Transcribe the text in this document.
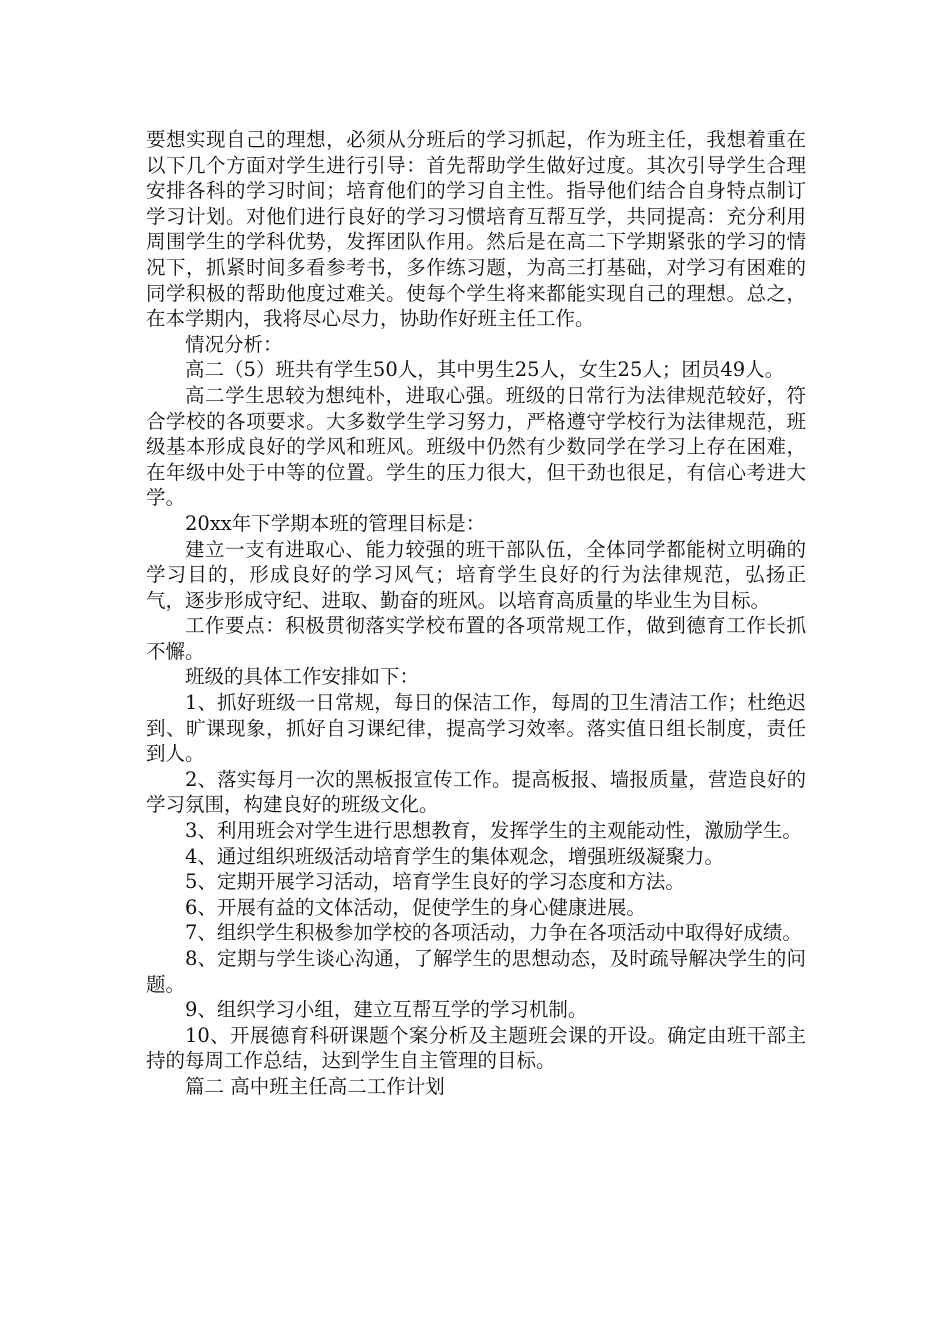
要想实现自己的理想，必须从分班后的学习抓起，作为班主任，我想着重在以下几个方面对学生进行引导：首先帮助学生做好过度。其次引导学生合理安排各科的学习时间；培育他们的学习自主性。指导他们结合自身特点制订学习计划。对他们进行良好的学习习惯培育互帮互学，共同提高：充分利用周围学生的学科优势，发挥团队作用。然后是在高二下学期紧张的学习的情况下，抓紧时间多看参考书，多作练习题，为高三打基础，对学习有困难的同学积极的帮助他度过难关。使每个学生将来都能实现自己的理想。总之，在本学期内，我将尽心尽力，协助作好班主任工作。

情况分析：

高二（5）班共有学生50人，其中男生25人，女生25人；团员49人。

高二学生思较为想纯朴，进取心强。班级的日常行为法律规范较好，符合学校的各项要求。大多数学生学习努力，严格遵守学校行为法律规范，班级基本形成良好的学风和班风。班级中仍然有少数同学在学习上存在困难，在年级中处于中等的位置。学生的压力很大，但干劲也很足，有信心考进大学。

20xx年下学期本班的管理目标是：

建立一支有进取心、能力较强的班干部队伍，全体同学都能树立明确的学习目的，形成良好的学习风气；培育学生良好的行为法律规范，弘扬正气，逐步形成守纪、进取、勤奋的班风。以培育高质量的毕业生为目标。

工作要点：积极贯彻落实学校布置的各项常规工作，做到德育工作长抓不懈。

班级的具体工作安排如下：

1、抓好班级一日常规，每日的保洁工作，每周的卫生清洁工作；杜绝迟到、旷课现象，抓好自习课纪律，提高学习效率。落实值日组长制度，责任到人。

2、落实每月一次的黑板报宣传工作。提高板报、墙报质量，营造良好的学习氛围，构建良好的班级文化。

3、利用班会对学生进行思想教育，发挥学生的主观能动性，激励学生。

4、通过组织班级活动培育学生的集体观念，增强班级凝聚力。

5、定期开展学习活动，培育学生良好的学习态度和方法。

6、开展有益的文体活动，促使学生的身心健康进展。

7、组织学生积极参加学校的各项活动，力争在各项活动中取得好成绩。

8、定期与学生谈心沟通，了解学生的思想动态，及时疏导解决学生的问题。

9、组织学习小组，建立互帮互学的学习机制。

10、开展德育科研课题个案分析及主题班会课的开设。确定由班干部主持的每周工作总结，达到学生自主管理的目标。

篇二 高中班主任高二工作计划
